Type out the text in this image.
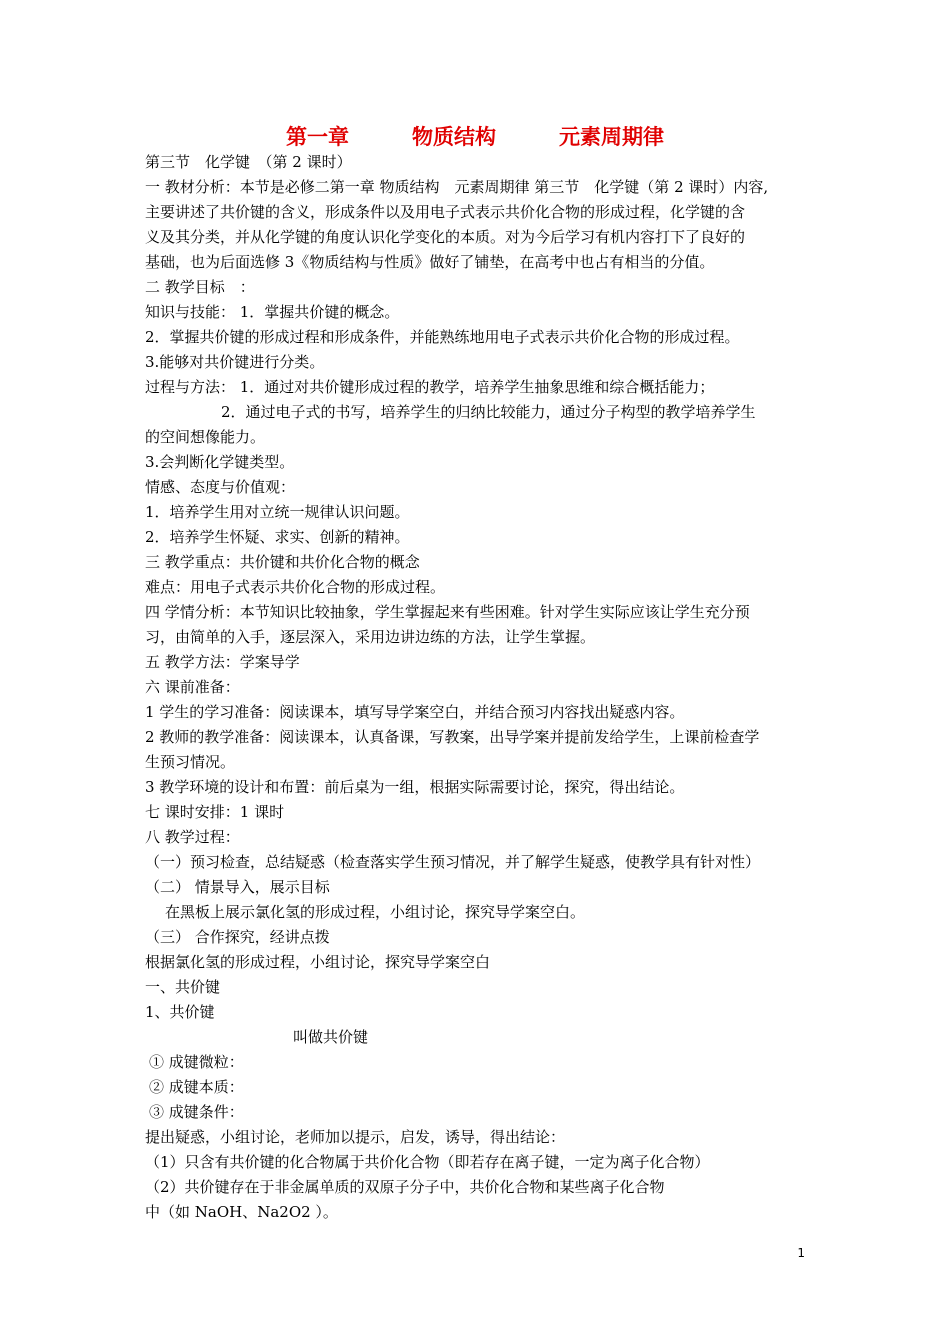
第一章　　　物质结构　　　元素周期律
第三节　化学键　（第 2 课时）
一 教材分析：本节是必修二第一章 物质结构　元素周期律 第三节　化学键（第 2 课时）内容,
主要讲述了共价键的含义，形成条件以及用电子式表示共价化合物的形成过程，化学键的含
义及其分类，并从化学键的角度认识化学变化的本质。对为今后学习有机内容打下了良好的
基础，也为后面选修 3《物质结构与性质》做好了铺垫，在高考中也占有相当的分值。
二 教学目标　：
知识与技能： 1．掌握共价键的概念。
2．掌握共价键的形成过程和形成条件，并能熟练地用电子式表示共价化合物的形成过程。
3.能够对共价键进行分类。
过程与方法： 1．通过对共价键形成过程的教学，培养学生抽象思维和综合概括能力；
2．通过电子式的书写，培养学生的归纳比较能力，通过分子构型的教学培养学生
的空间想像能力。
3.会判断化学键类型。
情感、态度与价值观：
1．培养学生用对立统一规律认识问题。
2．培养学生怀疑、求实、创新的精神。
三 教学重点：共价键和共价化合物的概念
难点：用电子式表示共价化合物的形成过程。
四 学情分析：本节知识比较抽象，学生掌握起来有些困难。针对学生实际应该让学生充分预
习，由简单的入手，逐层深入，采用边讲边练的方法，让学生掌握。
五 教学方法：学案导学
六 课前准备：
1 学生的学习准备：阅读课本，填写导学案空白，并结合预习内容找出疑惑内容。
2 教师的教学准备：阅读课本，认真备课，写教案，出导学案并提前发给学生，上课前检查学
生预习情况。
3 教学环境的设计和布置：前后桌为一组，根据实际需要讨论，探究，得出结论。
七 课时安排：1 课时
八 教学过程：
（一）预习检查，总结疑惑（检查落实学生预习情况，并了解学生疑惑，使教学具有针对性）
（二） 情景导入，展示目标
在黑板上展示氯化氢的形成过程，小组讨论，探究导学案空白。
（三） 合作探究，经讲点拨
根据氯化氢的形成过程，小组讨论，探究导学案空白
一、共价键
1、共价键
叫做共价键
① 成键微粒：
② 成键本质：
③ 成键条件：
提出疑惑，小组讨论，老师加以提示，启发，诱导，得出结论：
（1）只含有共价键的化合物属于共价化合物（即若存在离子键，一定为离子化合物）
（2）共价键存在于非金属单质的双原子分子中，共价化合物和某些离子化合物
中（如 NaOH、Na2O2 ）。
1
